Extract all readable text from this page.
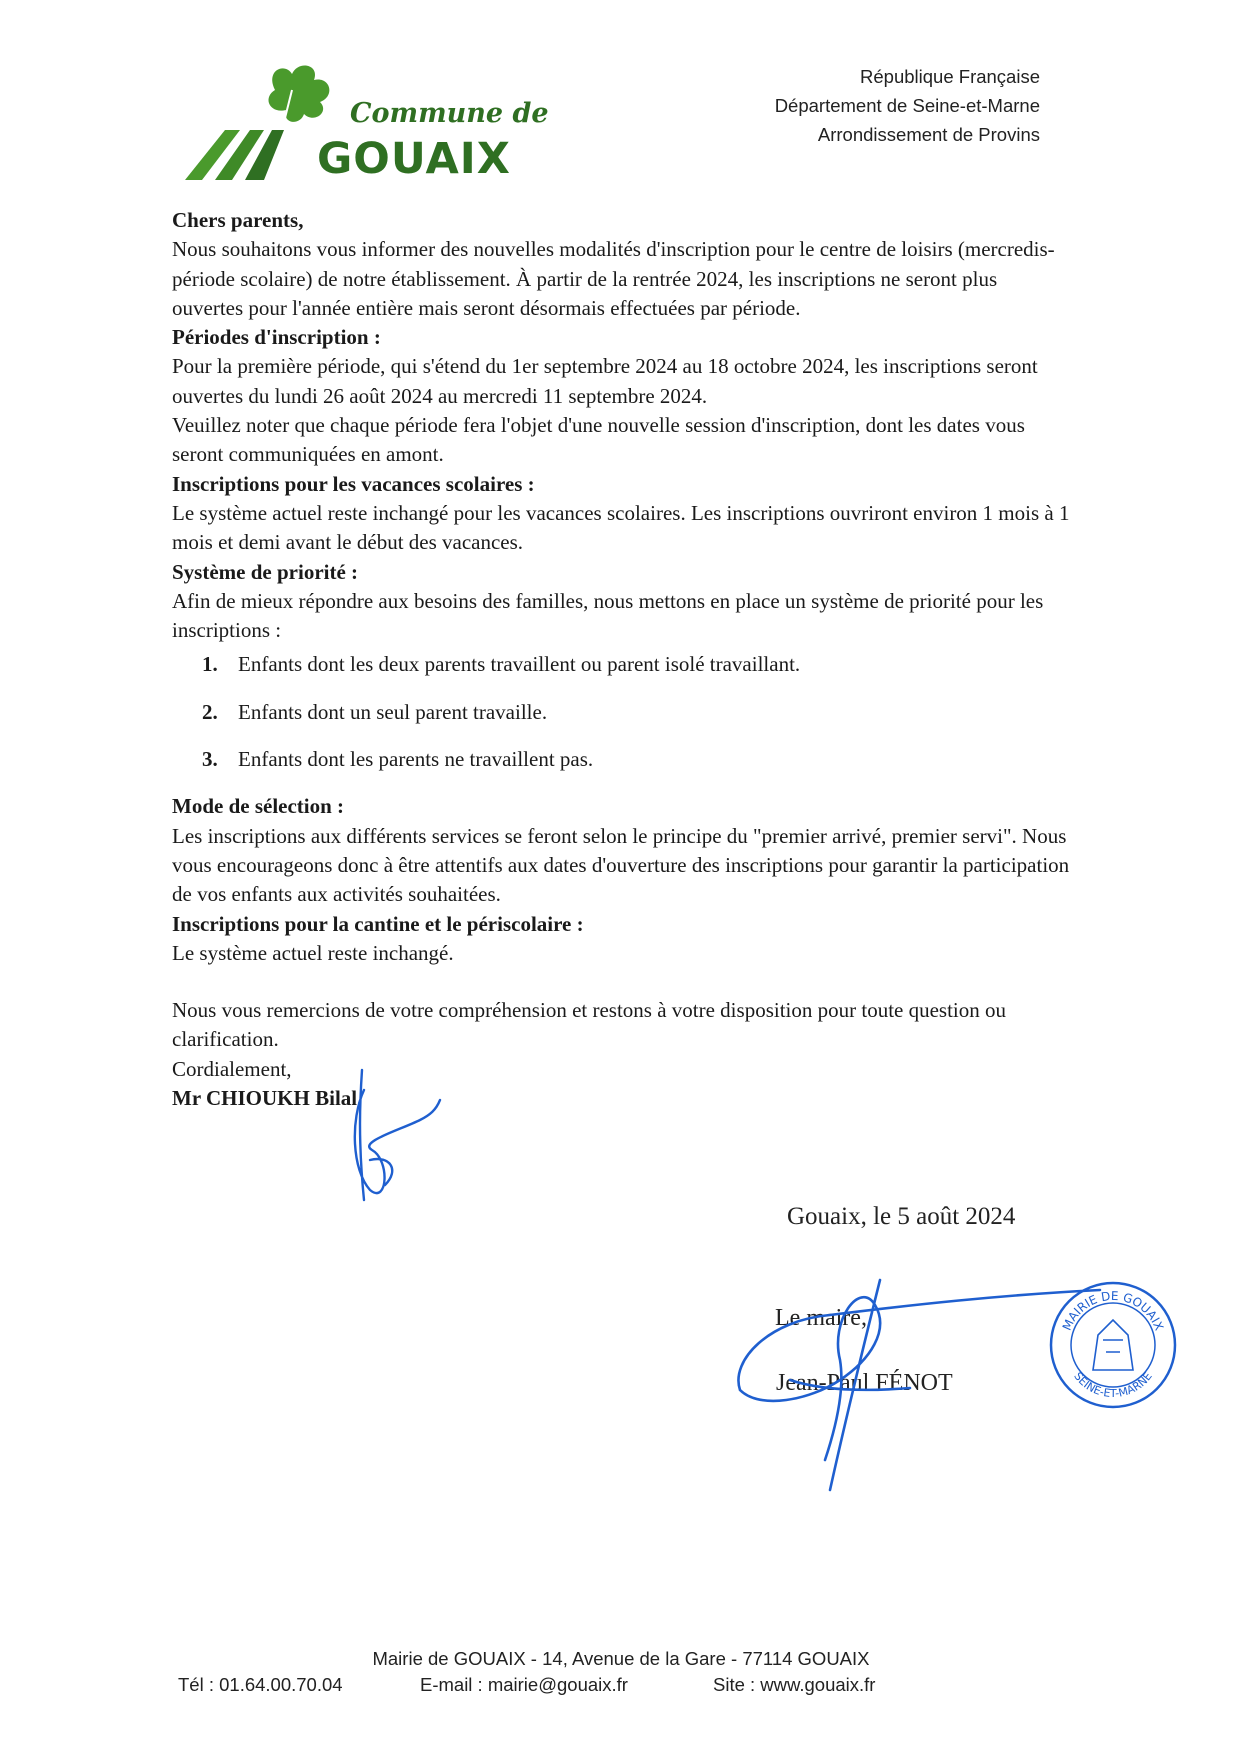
Commune de
GOUAIX
République Française
Département de Seine-et-Marne
Arrondissement de Provins

Chers parents,

Nous souhaitons vous informer des nouvelles modalités d'inscription pour le centre de loisirs (mercredis-période scolaire) de notre établissement. À partir de la rentrée 2024, les inscriptions ne seront plus ouvertes pour l'année entière mais seront désormais effectuées par période.

Périodes d'inscription :

Pour la première période, qui s'étend du 1er septembre 2024 au 18 octobre 2024, les inscriptions seront ouvertes du lundi 26 août 2024 au mercredi 11 septembre 2024.

Veuillez noter que chaque période fera l'objet d'une nouvelle session d'inscription, dont les dates vous seront communiquées en amont.

Inscriptions pour les vacances scolaires :

Le système actuel reste inchangé pour les vacances scolaires. Les inscriptions ouvriront environ 1 mois à 1 mois et demi avant le début des vacances.

Système de priorité :

Afin de mieux répondre aux besoins des familles, nous mettons en place un système de priorité pour les inscriptions :

1. Enfants dont les deux parents travaillent ou parent isolé travaillant.
2. Enfants dont un seul parent travaille.
3. Enfants dont les parents ne travaillent pas.

Mode de sélection :

Les inscriptions aux différents services se feront selon le principe du "premier arrivé, premier servi". Nous vous encourageons donc à être attentifs aux dates d'ouverture des inscriptions pour garantir la participation de vos enfants aux activités souhaitées.

Inscriptions pour la cantine et le périscolaire :

Le système actuel reste inchangé.

Nous vous remercions de votre compréhension et restons à votre disposition pour toute question ou clarification.

Cordialement,

Mr CHIOUKH Bilal.

Gouaix, le 5 août 2024
Le maire,
Jean-Paul FÉNOT
MAIRIE DE GOUAIX
SEINE-ET-MARNE
Mairie de GOUAIX - 14, Avenue de la Gare - 77114 GOUAIX
Tél : 01.64.00.70.04	E-mail : mairie@gouaix.fr	Site : www.gouaix.fr
